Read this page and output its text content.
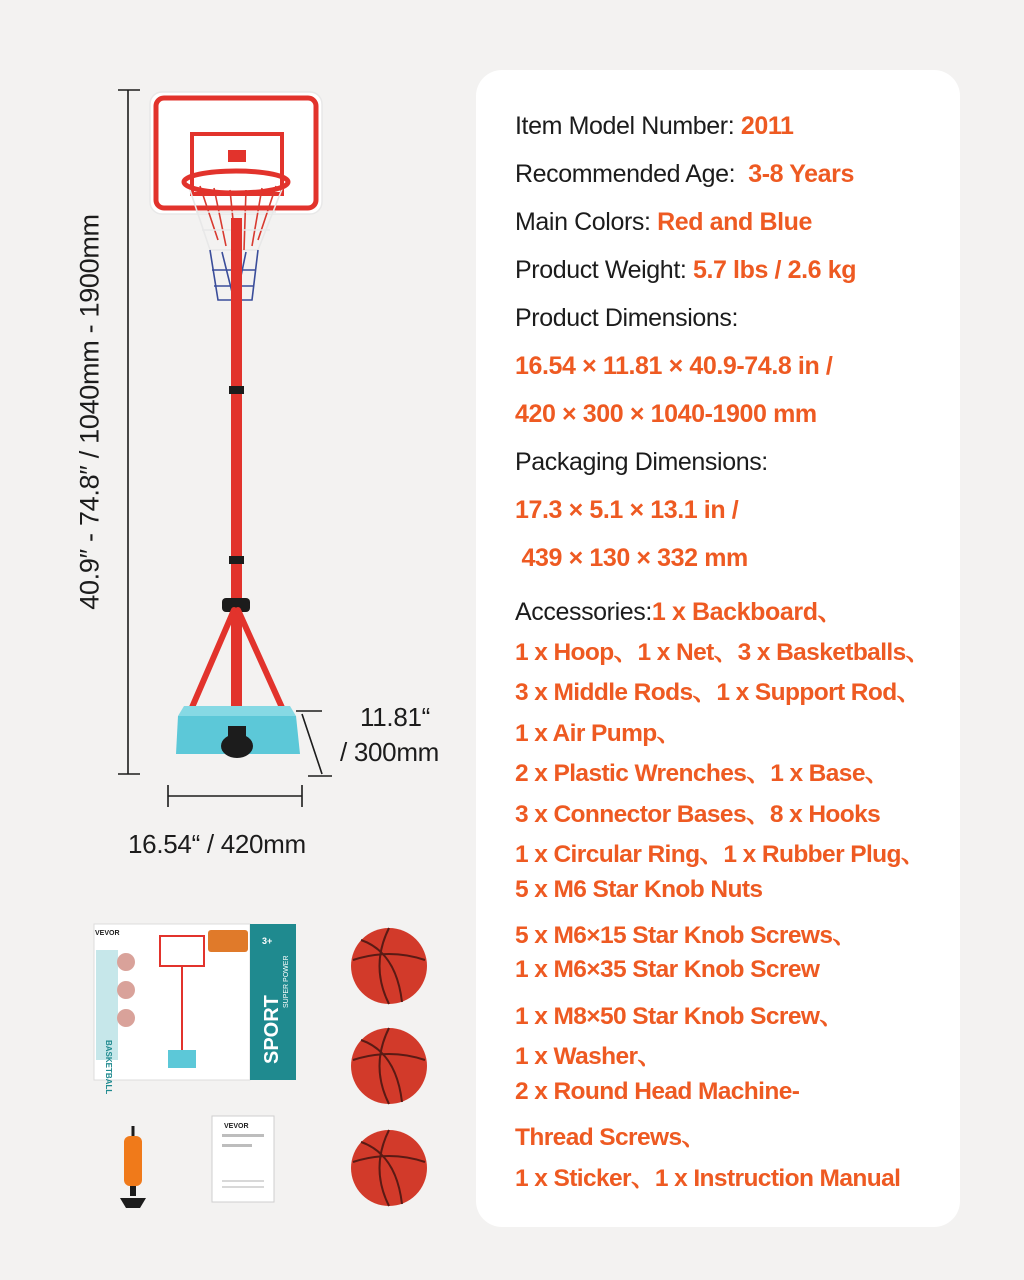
Item Model Number: 2011
Recommended Age: 3-8 Years
Main Colors: Red and Blue
Product Weight: 5.7 lbs / 2.6 kg
Product Dimensions:
16.54 × 11.81 × 40.9-74.8 in /
420 × 300 × 1040-1900 mm
Packaging Dimensions:
17.3 × 5.1 × 13.1 in /
439 × 130 × 332 mm
Accessories:1 x Backboard、
1 x Hoop、1 x Net、3 x Basketballs、
3 x Middle Rods、1 x Support Rod、
1 x Air Pump、
2 x Plastic Wrenches、1 x Base、
3 x Connector Bases、8 x Hooks
1 x Circular Ring、1 x Rubber Plug、
5 x M6 Star Knob Nuts
5 x M6×15 Star Knob Screws、
1 x M6×35 Star Knob Screw
1 x M8×50 Star Knob Screw、
1 x Washer、
2 x Round Head Machine-
Thread Screws、
1 x Sticker、1 x Instruction Manual
40.9″ - 74.8″ / 1040mm - 1900mm
11.81“
/ 300mm
16.54“ / 420mm
VEVOR
3+
SPORT
SUPER POWER
BASKETBALL
VEVOR
